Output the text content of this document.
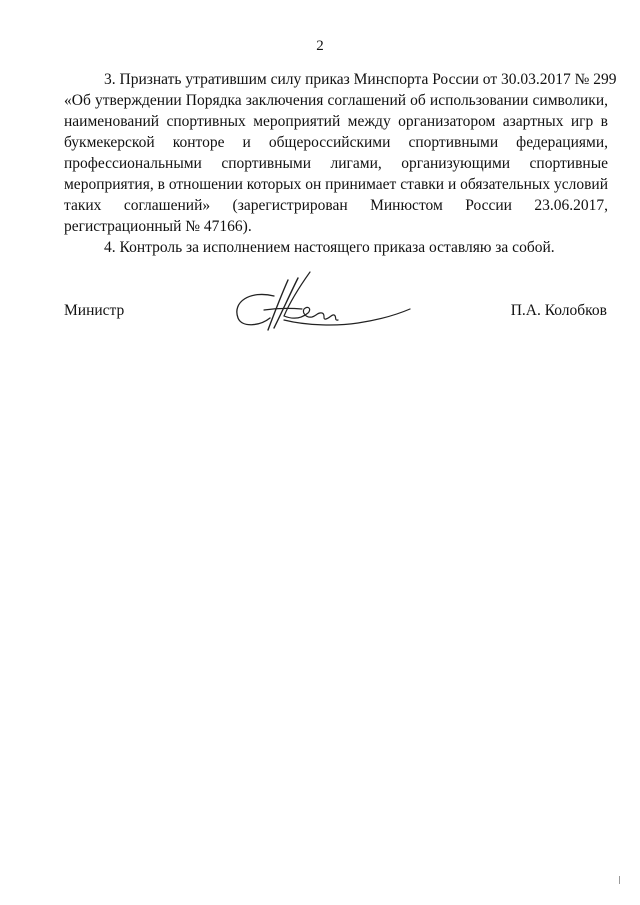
2
3. Признать утратившим силу приказ Минспорта России от 30.03.2017 № 299
«Об утверждении Порядка заключения соглашений об использовании символики,
наименований спортивных мероприятий между организатором азартных игр в
букмекерской конторе и общероссийскими спортивными федерациями,
профессиональными спортивными лигами, организующими спортивные
мероприятия, в отношении которых он принимает ставки и обязательных условий
таких соглашений» (зарегистрирован Минюстом России 23.06.2017,
регистрационный № 47166).
4. Контроль за исполнением настоящего приказа оставляю за собой.
Министр	П.А. Колобков
